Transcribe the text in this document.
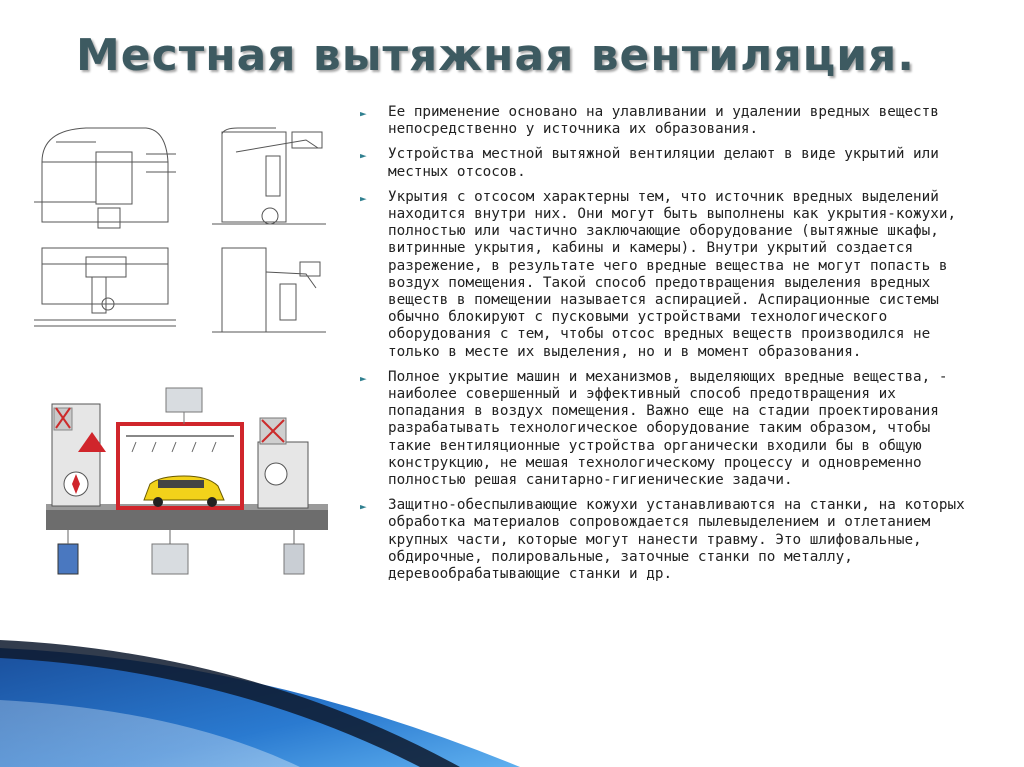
Местная вытяжная вентиляция.
► Ее применение основано на улавливании и удалении вредных веществ непосредственно у источника их образования.
► Устройства местной вытяжной вентиляции делают в виде укрытий или местных отсосов.
► Укрытия с отсосом характерны тем, что источник вредных выделений находится внутри них. Они могут быть выполнены как укрытия-кожухи, полностью или частично заключающие оборудование (вытяжные шкафы, витринные укрытия, кабины и камеры). Внутри укрытий создается разрежение, в результате чего вредные вещества не могут попасть в воздух помещения. Такой способ предотвращения выделения вредных веществ в помещении называется аспирацией. Аспирационные системы обычно блокируют с пусковыми устройствами технологического оборудования с тем, чтобы отсос вредных веществ производился не только в месте их выделения, но и в момент образования.
► Полное укрытие машин и механизмов, выделяющих вредные вещества, - наиболее совершенный и эффективный способ предотвращения их попадания в воздух помещения. Важно еще на стадии проектирования разрабатывать технологическое оборудование таким образом, чтобы такие вентиляционные устройства органически входили бы в общую конструкцию, не мешая технологическому процессу и одновременно полностью решая санитарно-гигиенические задачи.
► Защитно-обеспыливающие кожухи устанавливаются на станки, на которых обработка материалов сопровождается пылевыделением и отлетанием крупных части, которые могут нанести травму. Это шлифовальные, обдирочные, полировальные, заточные станки по металлу, деревообрабатывающие станки и др.
